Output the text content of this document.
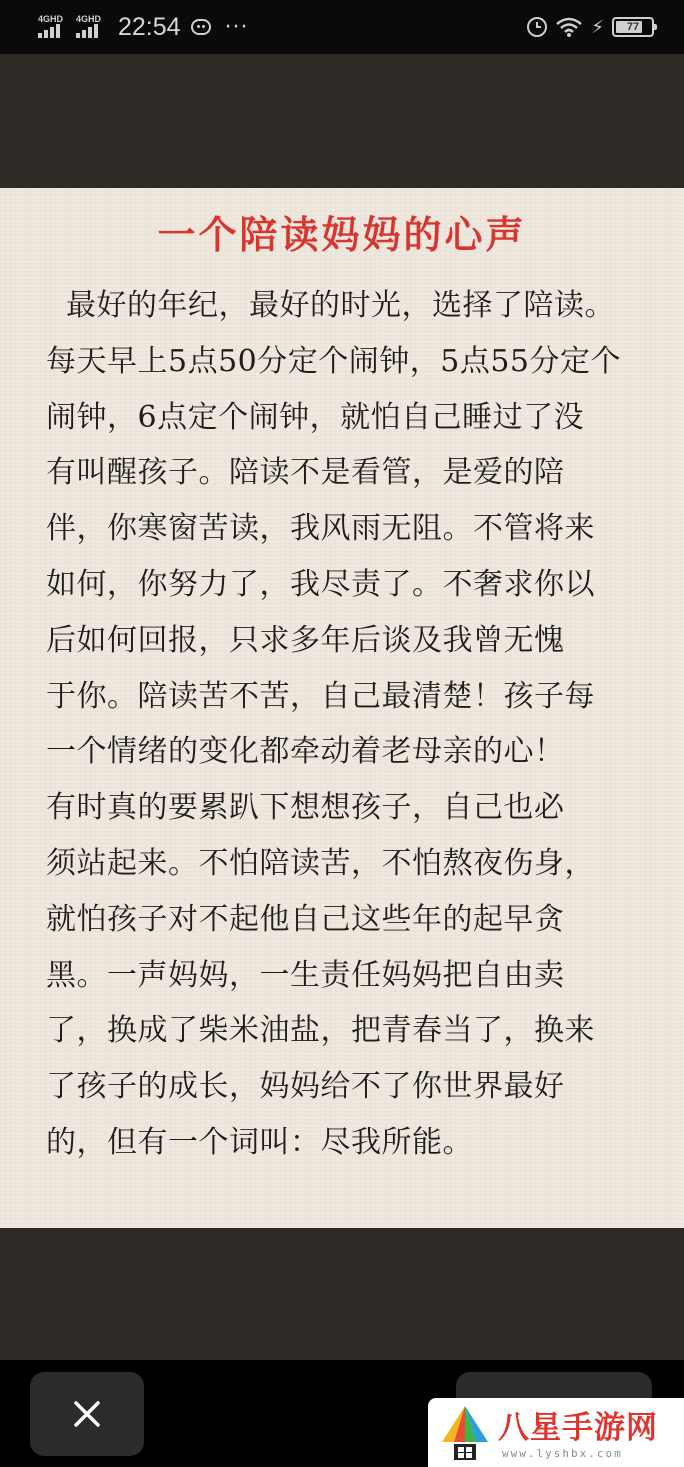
4GHD 4GHD 22:54 ···	⚡	77
一个陪读妈妈的心声
最好的年纪，最好的时光，选择了陪读。
每天早上5点50分定个闹钟，5点55分定个
闹钟，6点定个闹钟，就怕自己睡过了没
有叫醒孩子。陪读不是看管，是爱的陪
伴，你寒窗苦读，我风雨无阻。不管将来
如何，你努力了，我尽责了。不奢求你以
后如何回报，只求多年后谈及我曾无愧
于你。陪读苦不苦，自己最清楚！孩子每
一个情绪的变化都牵动着老母亲的心！
有时真的要累趴下想想孩子，自己也必
须站起来。不怕陪读苦，不怕熬夜伤身，
就怕孩子对不起他自己这些年的起早贪
黑。一声妈妈，一生责任妈妈把自由卖
了，换成了柴米油盐，把青春当了，换来
了孩子的成长，妈妈给不了你世界最好
的，但有一个词叫：尽我所能。
八星手游网
www.lyshbx.com
